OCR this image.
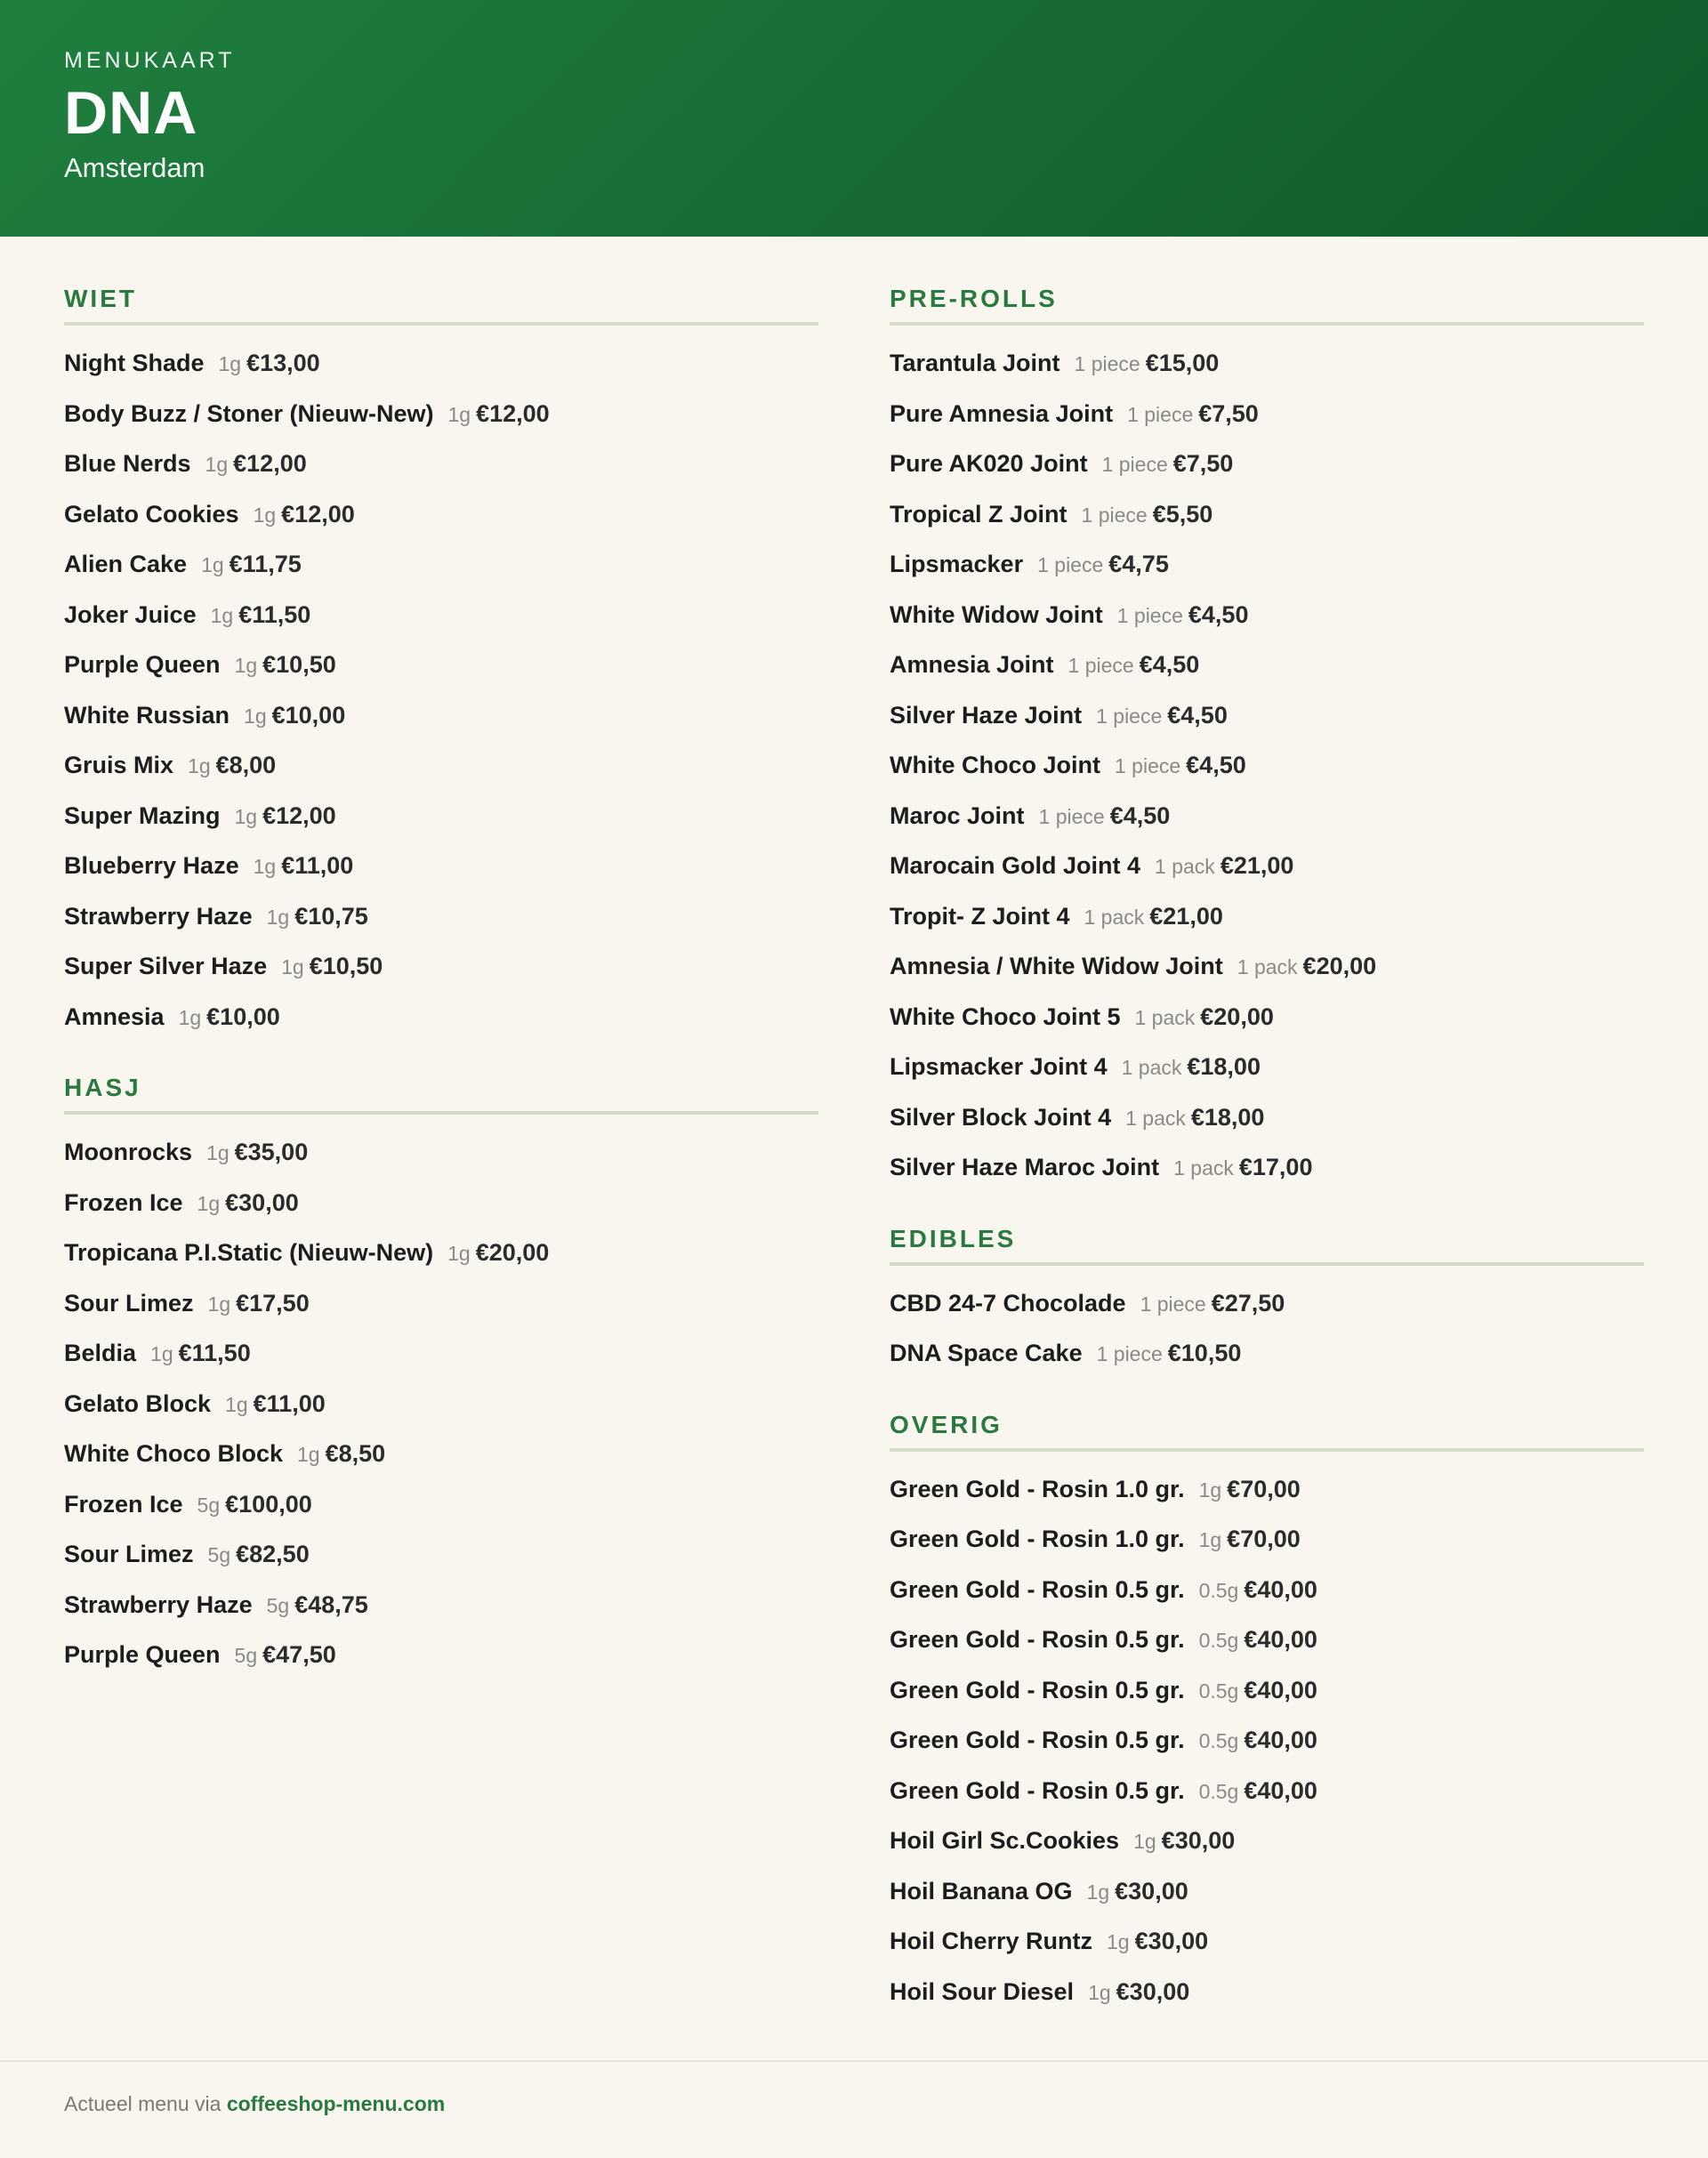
MENUKAART
DNA
Amsterdam
WIET
Night Shade 1g €13,00
Body Buzz / Stoner (Nieuw-New) 1g €12,00
Blue Nerds 1g €12,00
Gelato Cookies 1g €12,00
Alien Cake 1g €11,75
Joker Juice 1g €11,50
Purple Queen 1g €10,50
White Russian 1g €10,00
Gruis Mix 1g €8,00
Super Mazing 1g €12,00
Blueberry Haze 1g €11,00
Strawberry Haze 1g €10,75
Super Silver Haze 1g €10,50
Amnesia 1g €10,00
HASJ
Moonrocks 1g €35,00
Frozen Ice 1g €30,00
Tropicana P.I.Static (Nieuw-New) 1g €20,00
Sour Limez 1g €17,50
Beldia 1g €11,50
Gelato Block 1g €11,00
White Choco Block 1g €8,50
Frozen Ice 5g €100,00
Sour Limez 5g €82,50
Strawberry Haze 5g €48,75
Purple Queen 5g €47,50
PRE-ROLLS
Tarantula Joint 1 piece €15,00
Pure Amnesia Joint 1 piece €7,50
Pure AK020 Joint 1 piece €7,50
Tropical Z Joint 1 piece €5,50
Lipsmacker 1 piece €4,75
White Widow Joint 1 piece €4,50
Amnesia Joint 1 piece €4,50
Silver Haze Joint 1 piece €4,50
White Choco Joint 1 piece €4,50
Maroc Joint 1 piece €4,50
Marocain Gold Joint 4 1 pack €21,00
Tropit- Z Joint 4 1 pack €21,00
Amnesia / White Widow Joint 1 pack €20,00
White Choco Joint 5 1 pack €20,00
Lipsmacker Joint 4 1 pack €18,00
Silver Block Joint 4 1 pack €18,00
Silver Haze Maroc Joint 1 pack €17,00
EDIBLES
CBD 24-7 Chocolade 1 piece €27,50
DNA Space Cake 1 piece €10,50
OVERIG
Green Gold - Rosin 1.0 gr. 1g €70,00
Green Gold - Rosin 1.0 gr. 1g €70,00
Green Gold - Rosin 0.5 gr. 0.5g €40,00
Green Gold - Rosin 0.5 gr. 0.5g €40,00
Green Gold - Rosin 0.5 gr. 0.5g €40,00
Green Gold - Rosin 0.5 gr. 0.5g €40,00
Green Gold - Rosin 0.5 gr. 0.5g €40,00
Hoil Girl Sc.Cookies 1g €30,00
Hoil Banana OG 1g €30,00
Hoil Cherry Runtz 1g €30,00
Hoil Sour Diesel 1g €30,00
Actueel menu via coffeeshop-menu.com
